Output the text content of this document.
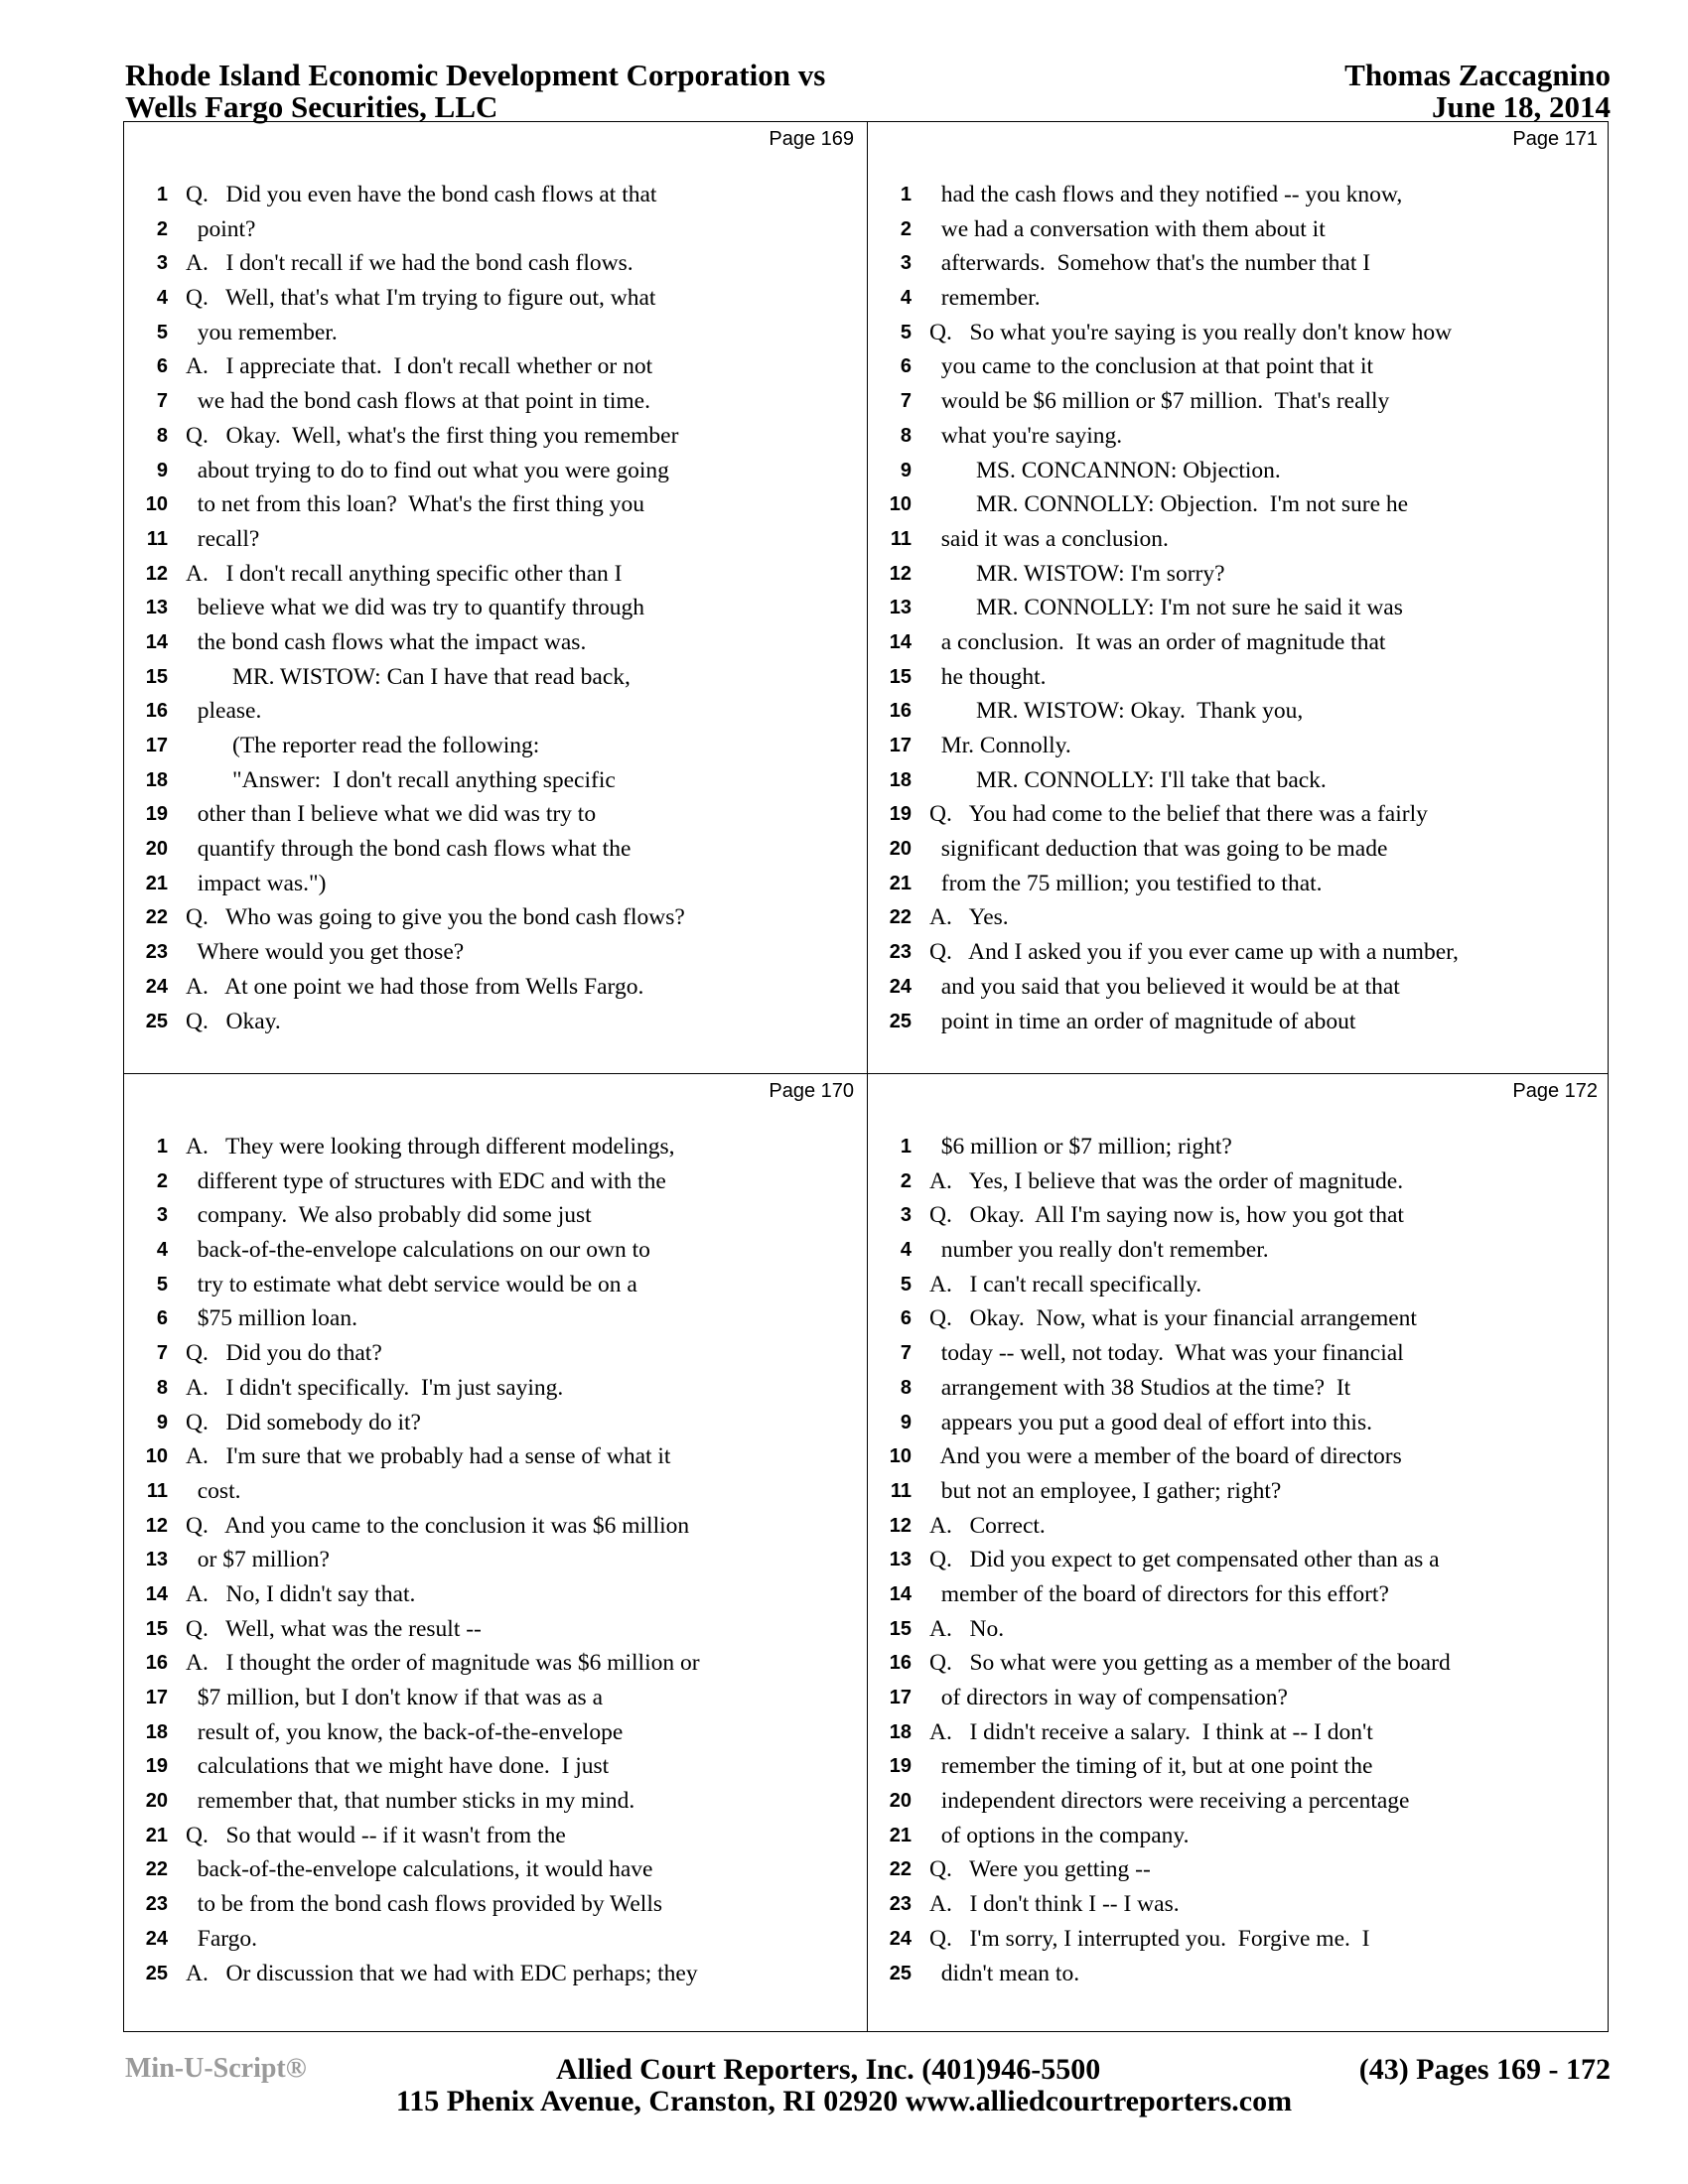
Rhode Island Economic Development Corporation vs
Wells Fargo Securities, LLC
Thomas Zaccagnino
June 18, 2014
Page 169
1 Q.   Did you even have the bond cash flows at that
2 point?
3 A.   I don't recall if we had the bond cash flows.
4 Q.   Well, that's what I'm trying to figure out, what
5 you remember.
6 A.   I appreciate that.  I don't recall whether or not
7 we had the bond cash flows at that point in time.
8 Q.   Okay.  Well, what's the first thing you remember
9 about trying to do to find out what you were going
10 to net from this loan?  What's the first thing you
11 recall?
12 A.   I don't recall anything specific other than I
13 believe what we did was try to quantify through
14 the bond cash flows what the impact was.
15 MR. WISTOW: Can I have that read back,
16 please.
17 (The reporter read the following:
18 "Answer:  I don't recall anything specific
19 other than I believe what we did was try to
20 quantify through the bond cash flows what the
21 impact was.")
22 Q.   Who was going to give you the bond cash flows?
23 Where would you get those?
24 A.   At one point we had those from Wells Fargo.
25 Q.   Okay.
Page 171
1 had the cash flows and they notified -- you know,
2 we had a conversation with them about it
3 afterwards.  Somehow that's the number that I
4 remember.
5 Q.   So what you're saying is you really don't know how
6 you came to the conclusion at that point that it
7 would be $6 million or $7 million.  That's really
8 what you're saying.
9 MS. CONCANNON: Objection.
10 MR. CONNOLLY: Objection.  I'm not sure he
11 said it was a conclusion.
12 MR. WISTOW: I'm sorry?
13 MR. CONNOLLY: I'm not sure he said it was
14 a conclusion.  It was an order of magnitude that
15 he thought.
16 MR. WISTOW: Okay.  Thank you,
17 Mr. Connolly.
18 MR. CONNOLLY: I'll take that back.
19 Q.   You had come to the belief that there was a fairly
20 significant deduction that was going to be made
21 from the 75 million; you testified to that.
22 A.   Yes.
23 Q.   And I asked you if you ever came up with a number,
24 and you said that you believed it would be at that
25 point in time an order of magnitude of about
Page 170
1 A.   They were looking through different modelings,
2 different type of structures with EDC and with the
3 company.  We also probably did some just
4 back-of-the-envelope calculations on our own to
5 try to estimate what debt service would be on a
6 $75 million loan.
7 Q.   Did you do that?
8 A.   I didn't specifically.  I'm just saying.
9 Q.   Did somebody do it?
10 A.   I'm sure that we probably had a sense of what it
11 cost.
12 Q.   And you came to the conclusion it was $6 million
13 or $7 million?
14 A.   No, I didn't say that.
15 Q.   Well, what was the result --
16 A.   I thought the order of magnitude was $6 million or
17 $7 million, but I don't know if that was as a
18 result of, you know, the back-of-the-envelope
19 calculations that we might have done.  I just
20 remember that, that number sticks in my mind.
21 Q.   So that would -- if it wasn't from the
22 back-of-the-envelope calculations, it would have
23 to be from the bond cash flows provided by Wells
24 Fargo.
25 A.   Or discussion that we had with EDC perhaps; they
Page 172
1 $6 million or $7 million; right?
2 A.   Yes, I believe that was the order of magnitude.
3 Q.   Okay.  All I'm saying now is, how you got that
4 number you really don't remember.
5 A.   I can't recall specifically.
6 Q.   Okay.  Now, what is your financial arrangement
7 today -- well, not today.  What was your financial
8 arrangement with 38 Studios at the time?  It
9 appears you put a good deal of effort into this.
10 And you were a member of the board of directors
11 but not an employee, I gather; right?
12 A.   Correct.
13 Q.   Did you expect to get compensated other than as a
14 member of the board of directors for this effort?
15 A.   No.
16 Q.   So what were you getting as a member of the board
17 of directors in way of compensation?
18 A.   I didn't receive a salary.  I think at -- I don't
19 remember the timing of it, but at one point the
20 independent directors were receiving a percentage
21 of options in the company.
22 Q.   Were you getting --
23 A.   I don't think I -- I was.
24 Q.   I'm sorry, I interrupted you.  Forgive me.  I
25 didn't mean to.
Min-U-Script®	Allied Court Reporters, Inc. (401)946-5500	(43) Pages 169 - 172
115 Phenix Avenue, Cranston, RI 02920 www.alliedcourtreporters.com
